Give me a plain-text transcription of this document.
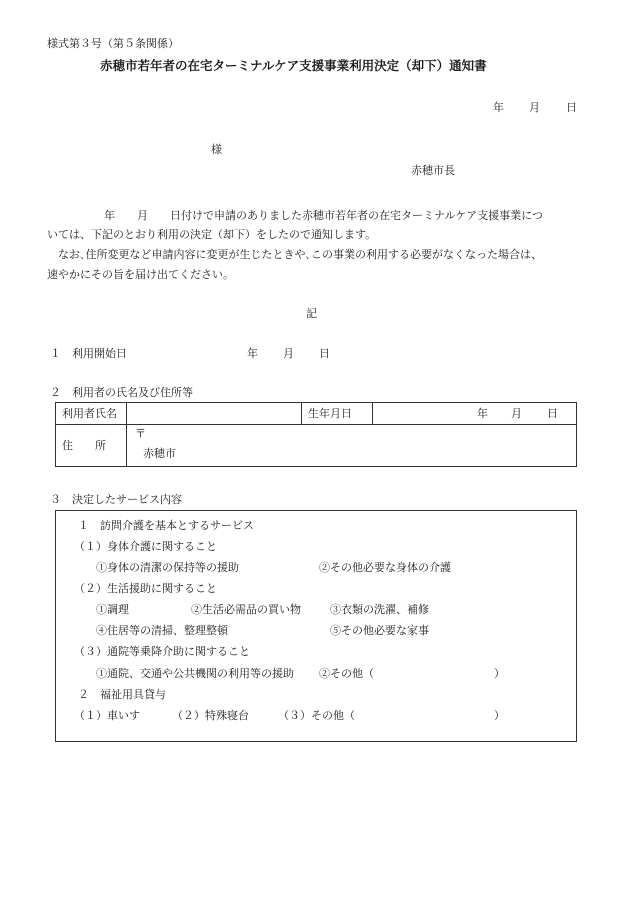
様式第３号（第５条関係）
赤穂市若年者の在宅ターミナルケア支援事業利用決定（却下）通知書
年 月 日
様
赤穂市長
年　　月　　日付けで申請のありました赤穂市若年者の在宅ターミナルケア支援事業につ
いては、下記のとおり利用の決定（却下）をしたので通知します。
なお､住所変更など申請内容に変更が生じたときや､この事業の利用する必要がなくなった場合は、
速やかにその旨を届け出てください。
記
１　利用開始日	年 月 日
２　利用者の氏名及び住所等
利用者氏名		生年月日	年 月 日

住　　所	〒
赤穂市		
３　決定したサービス内容
１　訪問介護を基本とするサービス
（１）身体介護に関すること
①身体の清潔の保持等の援助	②その他必要な身体の介護
（２）生活援助に関すること
①調理	②生活必需品の買い物	③衣類の洗濯、補修
④住居等の清掃、整理整頓	⑤その他必要な家事
（３）通院等乗降介助に関すること
①通院、交通や公共機関の利用等の援助 ②その他（	）
２　福祉用具貸与
（１）車いす	（２）特殊寝台	（３）その他（	）
